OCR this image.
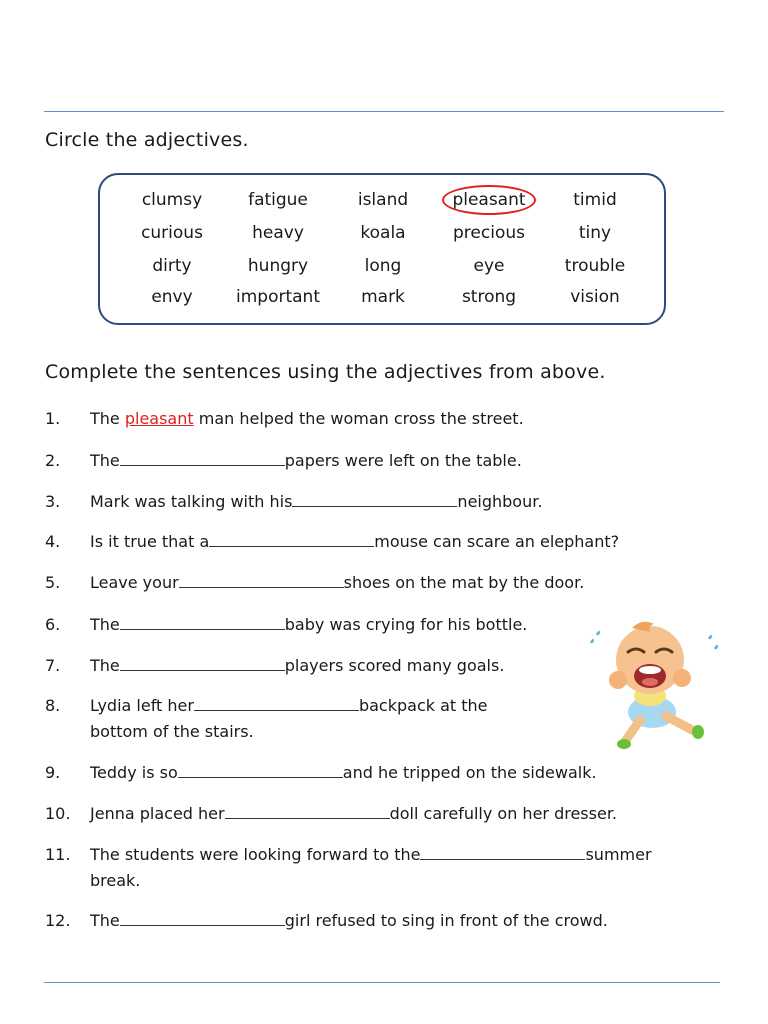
Circle the adjectives.
clumsy	fatigue	island	pleasant	timid
curious	heavy	koala	precious	tiny
dirty	hungry	long	eye	trouble
envy	important	mark	strong	vision
Complete the sentences using the adjectives from above.
1. The pleasant man helped the woman cross the street.
2. The	papers were left on the table.
3. Mark was talking with his	neighbour.
4. Is it true that a	mouse can scare an elephant?
5. Leave your	shoes on the mat by the door.
6. The	baby was crying for his bottle.
7. The	players scored many goals.
8. Lydia left her	backpack at the
bottom of the stairs.
9. Teddy is so	and he tripped on the sidewalk.
10. Jenna placed her	doll carefully on her dresser.
11. The students were looking forward to the	summer
break.
12. The	girl refused to sing in front of the crowd.
